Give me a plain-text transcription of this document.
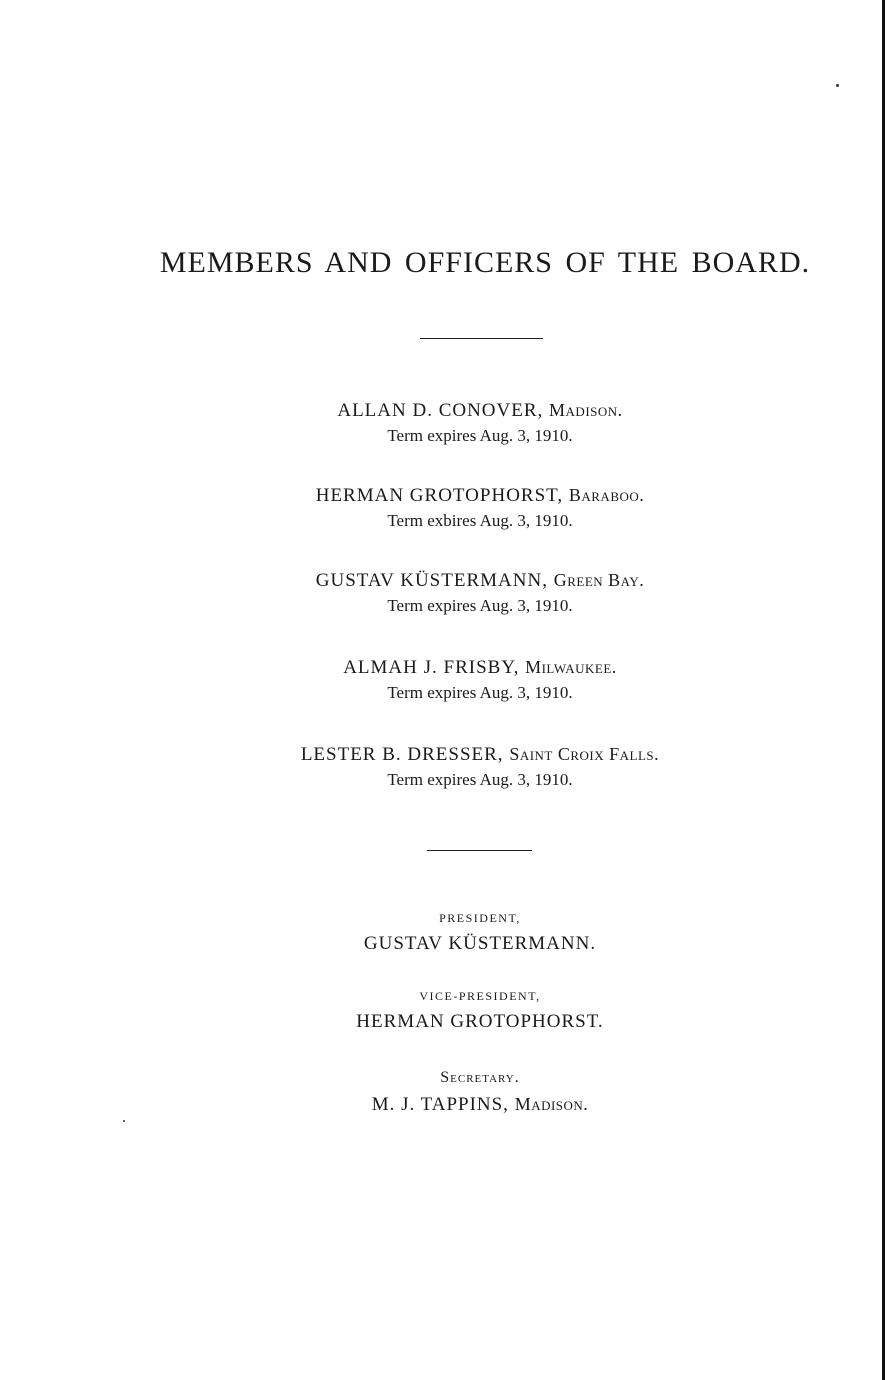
MEMBERS AND OFFICERS OF THE BOARD.
ALLAN D. CONOVER, Madison.
Term expires Aug. 3, 1910.
HERMAN GROTOPHORST, Baraboo.
Term exbires Aug. 3, 1910.
GUSTAV KÜSTERMANN, Green Bay.
Term expires Aug. 3, 1910.
ALMAH J. FRISBY, Milwaukee.
Term expires Aug. 3, 1910.
LESTER B. DRESSER, Saint Croix Falls.
Term expires Aug. 3, 1910.
PRESIDENT,
GUSTAV KÜSTERMANN.
VICE-PRESIDENT,
HERMAN GROTOPHORST.
Secretary.
M. J. TAPPINS, Madison.
